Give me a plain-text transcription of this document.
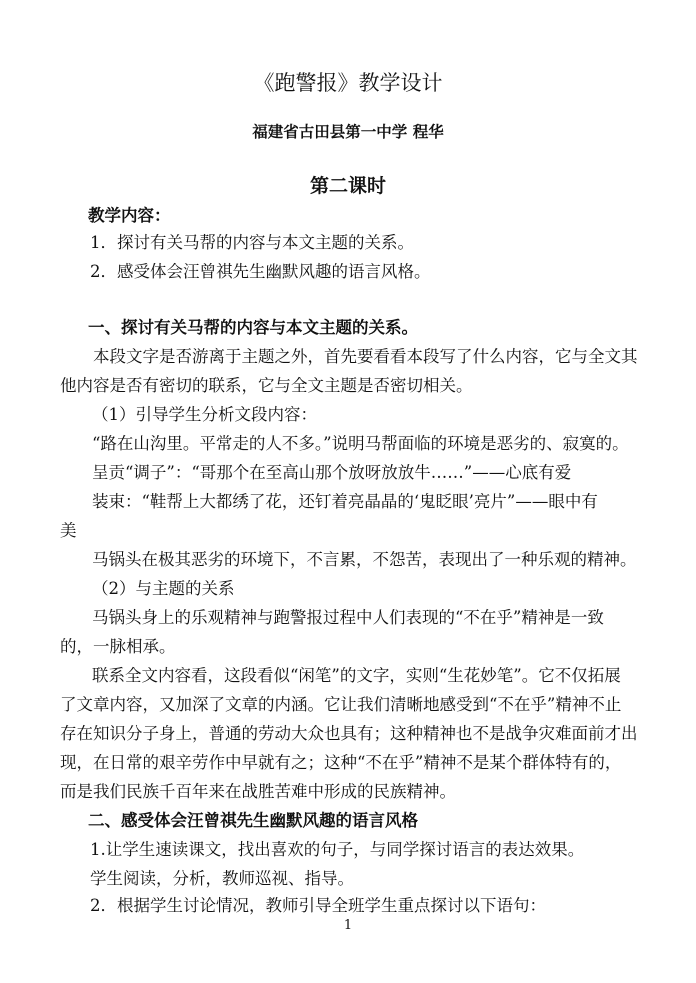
《跑警报》教学设计
福建省古田县第一中学 程华
第二课时
教学内容：
1．探讨有关马帮的内容与本文主题的关系。
2．感受体会汪曾祺先生幽默风趣的语言风格。
一、探讨有关马帮的内容与本文主题的关系。
本段文字是否游离于主题之外，首先要看看本段写了什么内容，它与全文其
他内容是否有密切的联系，它与全文主题是否密切相关。
（1）引导学生分析文段内容：
“路在山沟里。平常走的人不多。”说明马帮面临的环境是恶劣的、寂寞的。
呈贡“调子”：“哥那个在至高山那个放呀放放牛……”——心底有爱
装束：“鞋帮上大都绣了花，还钉着亮晶晶的‘鬼眨眼’亮片”——眼中有
美
马锅头在极其恶劣的环境下，不言累，不怨苦，表现出了一种乐观的精神。
（2）与主题的关系
马锅头身上的乐观精神与跑警报过程中人们表现的“不在乎”精神是一致
的，一脉相承。
联系全文内容看，这段看似“闲笔”的文字，实则“生花妙笔”。它不仅拓展
了文章内容，又加深了文章的内涵。它让我们清晰地感受到“不在乎”精神不止
存在知识分子身上，普通的劳动大众也具有；这种精神也不是战争灾难面前才出
现，在日常的艰辛劳作中早就有之；这种“不在乎”精神不是某个群体特有的，
而是我们民族千百年来在战胜苦难中形成的民族精神。
二、感受体会汪曾祺先生幽默风趣的语言风格
1.让学生速读课文，找出喜欢的句子，与同学探讨语言的表达效果。
学生阅读，分析，教师巡视、指导。
2．根据学生讨论情况，教师引导全班学生重点探讨以下语句：
1
